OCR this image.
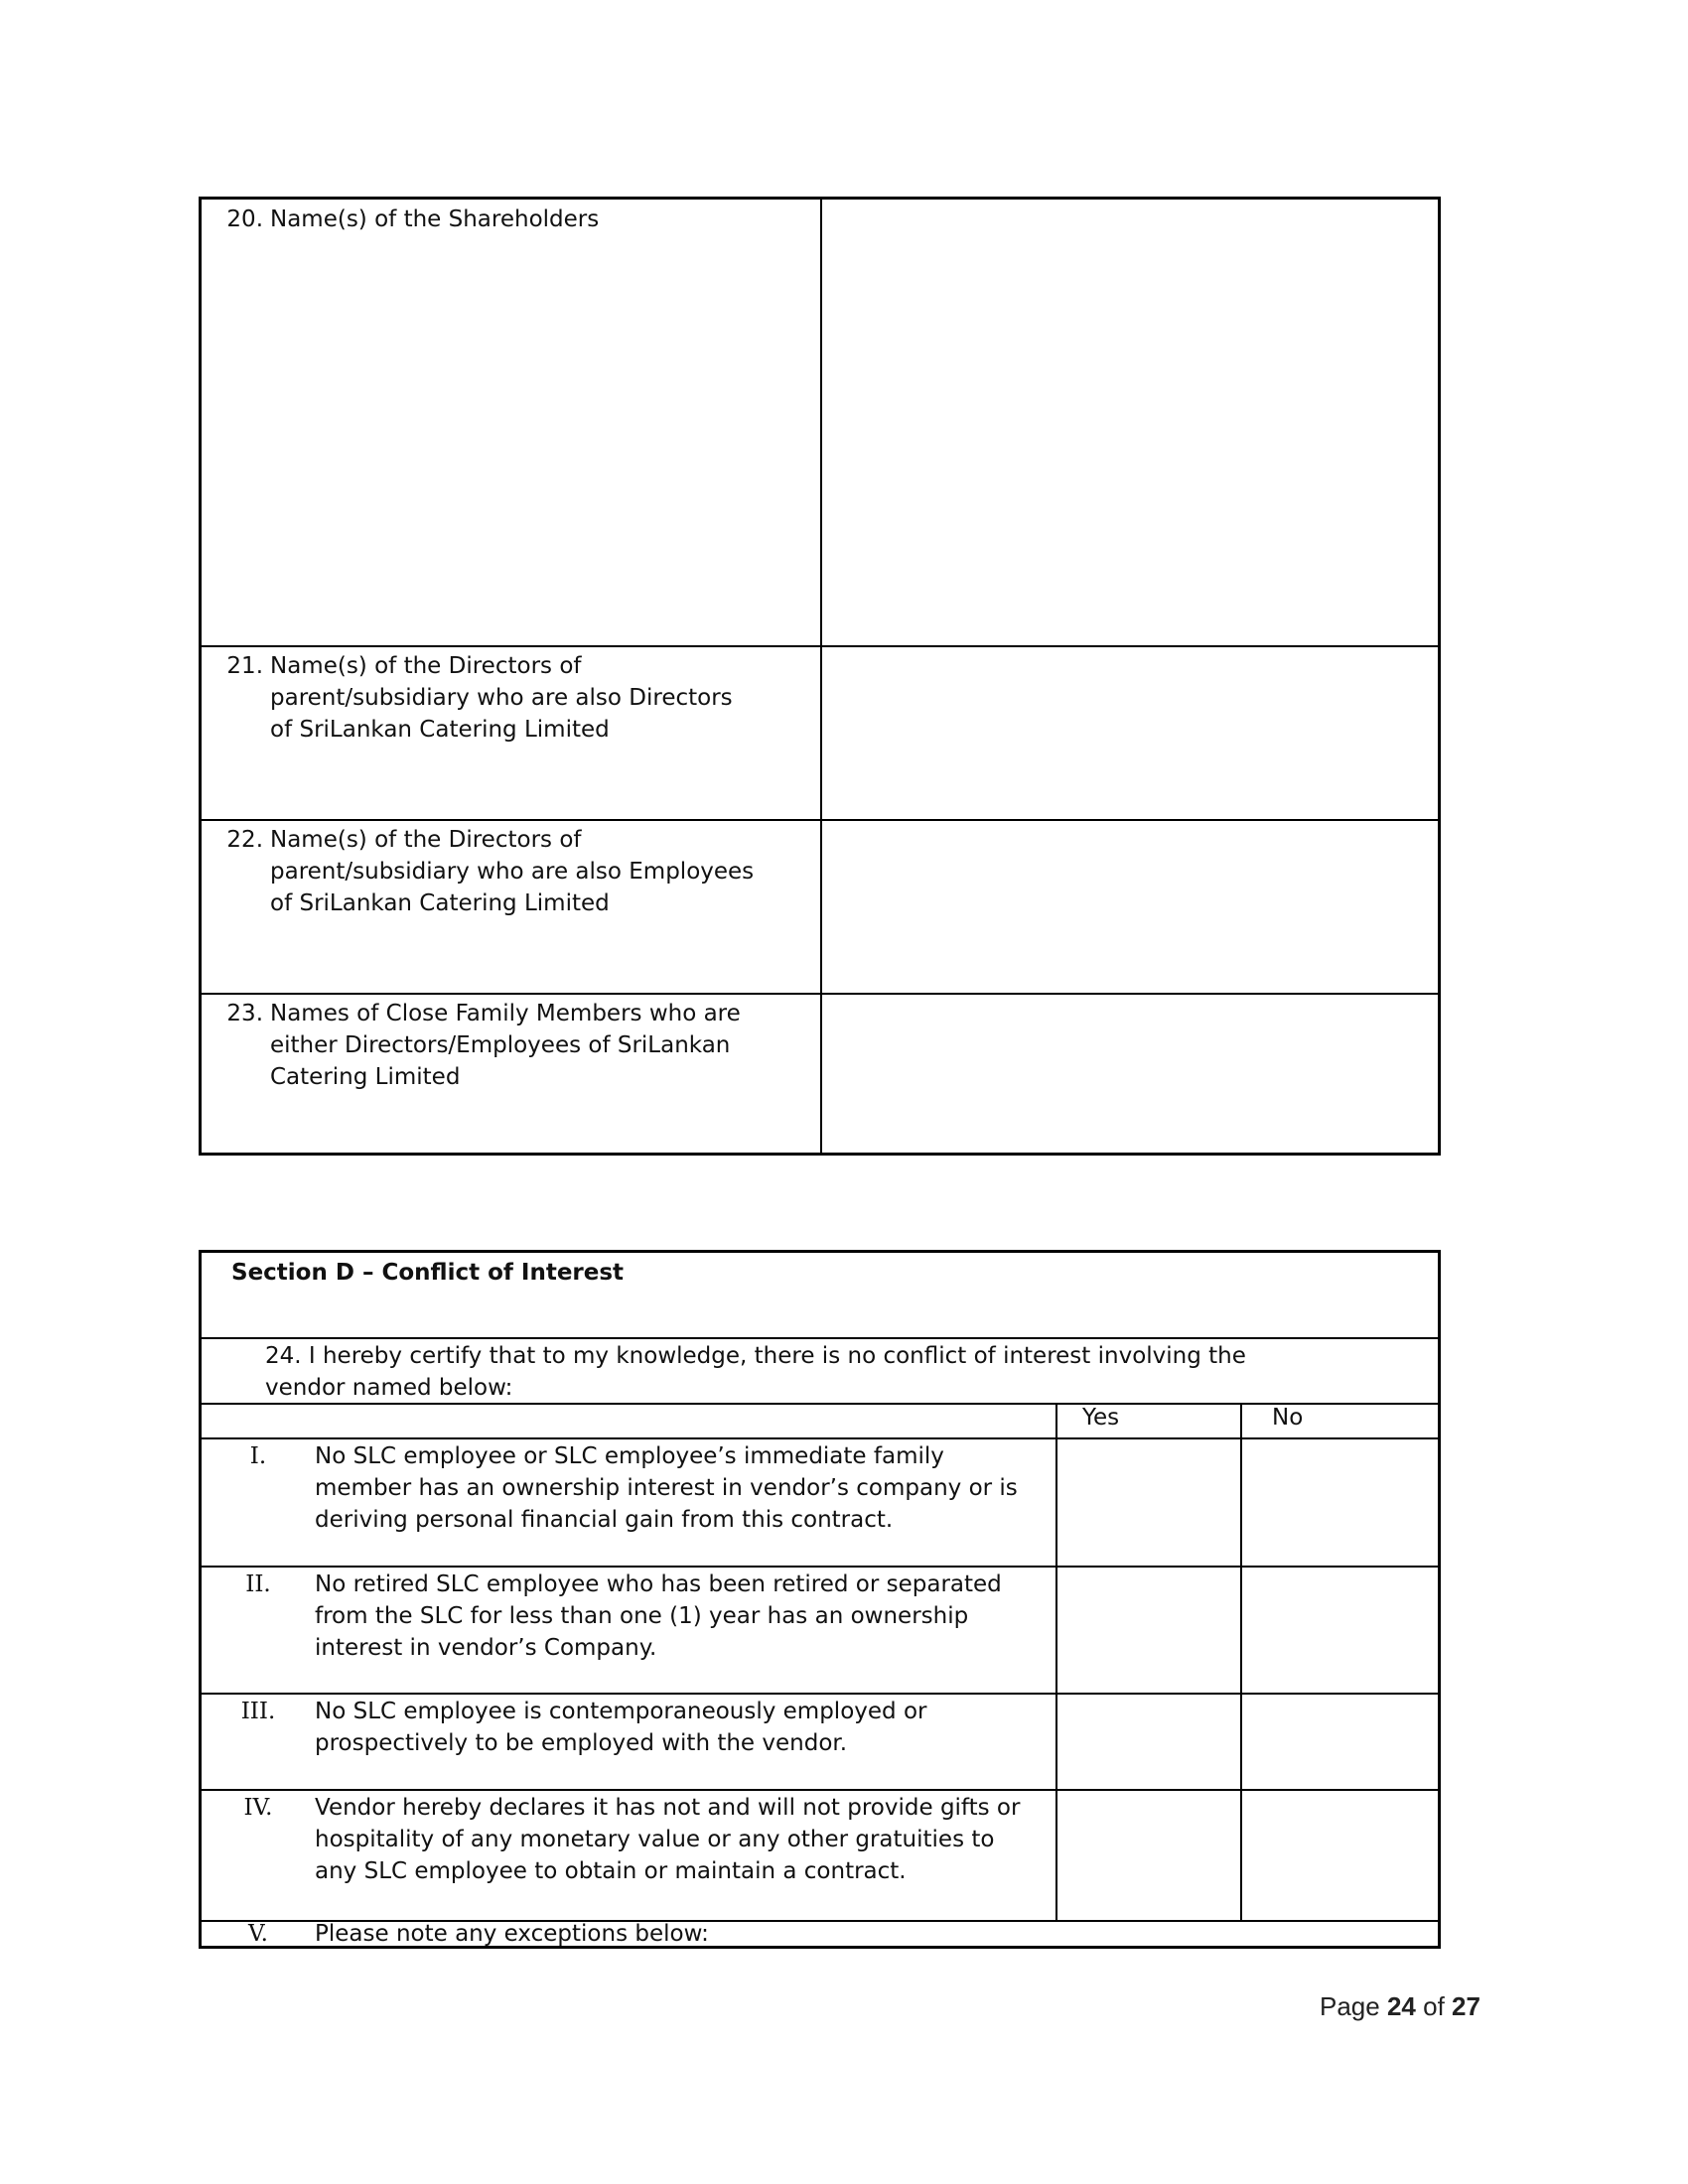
20. Name(s) of the Shareholders
21. Name(s) of the Directors of
parent/subsidiary who are also Directors
of SriLankan Catering Limited
22. Name(s) of the Directors of
parent/subsidiary who are also Employees
of SriLankan Catering Limited
23. Names of Close Family Members who are
either Directors/Employees of SriLankan
Catering Limited
Section D – Conflict of Interest
24. I hereby certify that to my knowledge, there is no conflict of interest involving the
vendor named below:
Yes	No
I.	No SLC employee or SLC employee’s immediate family
member has an ownership interest in vendor’s company or is
deriving personal financial gain from this contract.
II.	No retired SLC employee who has been retired or separated
from the SLC for less than one (1) year has an ownership
interest in vendor’s Company.
III.	No SLC employee is contemporaneously employed or
prospectively to be employed with the vendor.
IV.	Vendor hereby declares it has not and will not provide gifts or
hospitality of any monetary value or any other gratuities to
any SLC employee to obtain or maintain a contract.
V.	Please note any exceptions below:
Page 24 of 27
